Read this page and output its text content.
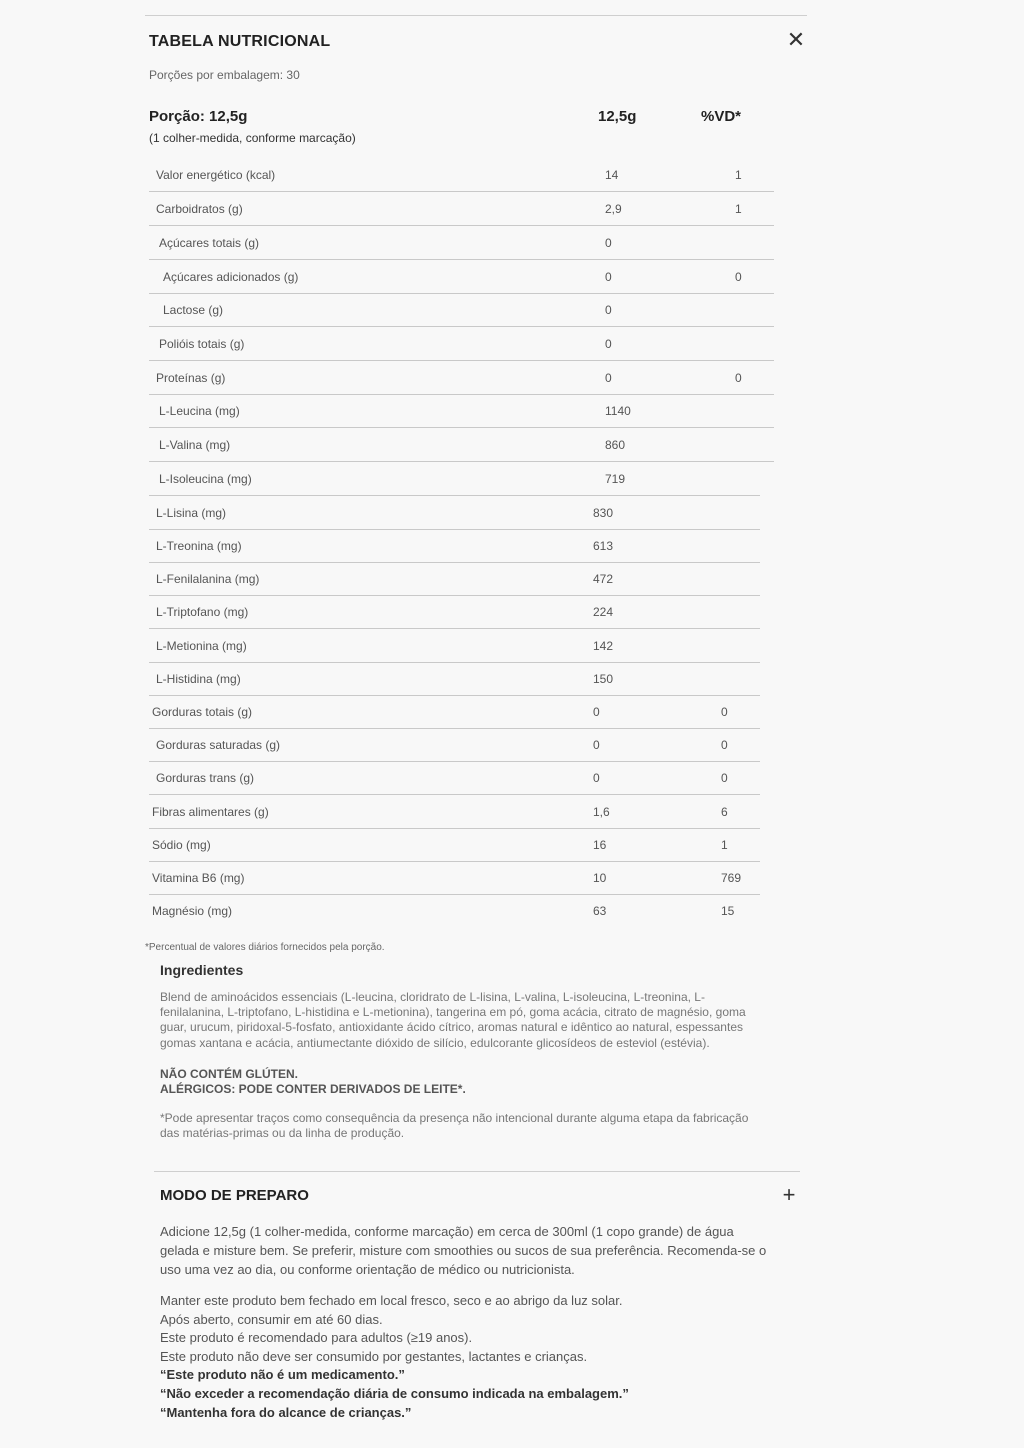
TABELA NUTRICIONAL	✕
Porções por embalagem: 30
Porção: 12,5g
(1 colher-medida, conforme marcação)
12,5g	%VD*
Valor energético (kcal)	14	1
Carboidratos (g)	2,9	1
Açúcares totais (g)	0
Açúcares adicionados (g)	0	0
Lactose (g)	0
Polióis totais (g)	0
Proteínas (g)	0	0
L-Leucina (mg)	1140
L-Valina (mg)	860
L-Isoleucina (mg)	719
L-Lisina (mg)	830
L-Treonina (mg)	613
L-Fenilalanina (mg)	472
L-Triptofano (mg)	224
L-Metionina (mg)	142
L-Histidina (mg)	150
Gorduras totais (g)	0	0
Gorduras saturadas (g)	0	0
Gorduras trans (g)	0	0
Fibras alimentares (g)	1,6	6
Sódio (mg)	16	1
Vitamina B6 (mg)	10	769
Magnésio (mg)	63	15
*Percentual de valores diários fornecidos pela porção.
Ingredientes

Blend de aminoácidos essenciais (L-leucina, cloridrato de L-lisina, L-valina, L-isoleucina, L-treonina, L-fenilalanina, L-triptofano, L-histidina e L-metionina), tangerina em pó, goma acácia, citrato de magnésio, goma guar, urucum, piridoxal-5-fosfato, antioxidante ácido cítrico, aromas natural e idêntico ao natural, espessantes gomas xantana e acácia, antiumectante dióxido de silício, edulcorante glicosídeos de esteviol (estévia).

NÃO CONTÉM GLÚTEN.
ALÉRGICOS: PODE CONTER DERIVADOS DE LEITE*.

*Pode apresentar traços como consequência da presença não intencional durante alguma etapa da fabricação das matérias-primas ou da linha de produção.

MODO DE PREPARO	+

Adicione 12,5g (1 colher-medida, conforme marcação) em cerca de 300ml (1 copo grande) de água gelada e misture bem. Se preferir, misture com smoothies ou sucos de sua preferência. Recomenda-se o uso uma vez ao dia, ou conforme orientação de médico ou nutricionista.

Manter este produto bem fechado em local fresco, seco e ao abrigo da luz solar.
Após aberto, consumir em até 60 dias.
Este produto é recomendado para adultos (≥19 anos).
Este produto não deve ser consumido por gestantes, lactantes e crianças.
“Este produto não é um medicamento.”
“Não exceder a recomendação diária de consumo indicada na embalagem.”
“Mantenha fora do alcance de crianças.”
